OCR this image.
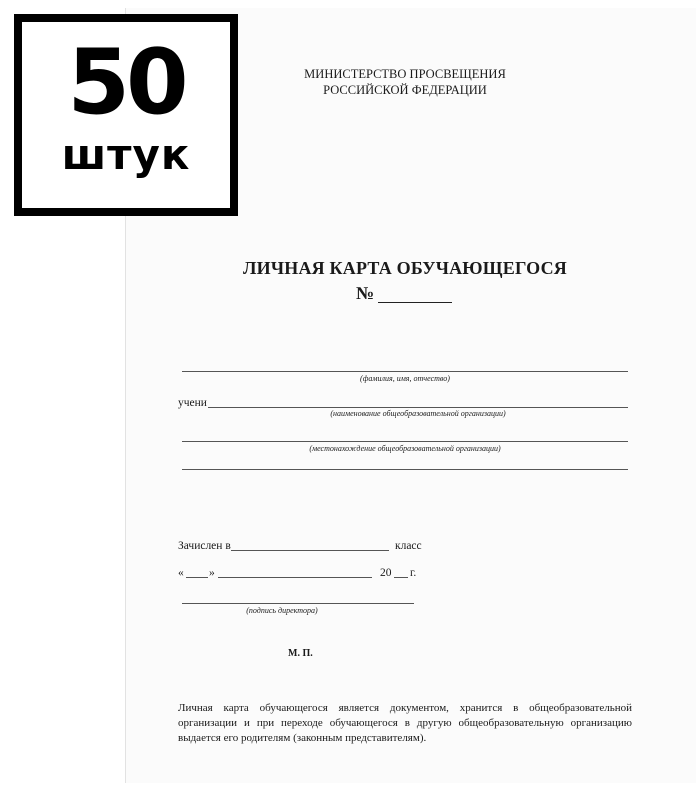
50
штук
МИНИСТЕРСТВО ПРОСВЕЩЕНИЯ
РОССИЙСКОЙ ФЕДЕРАЦИИ
ЛИЧНАЯ КАРТА ОБУЧАЮЩЕГОСЯ
№
(фамилия, имя, отчество)
учени
(наименование общеобразовательной организации)
(местонахождение общеобразовательной организации)
Зачислен в	класс
« »	20 г.
(подпись директора)
М. П.
Личная карта обучающегося является документом, хранится в общеобразовательной организации и при переходе обучающегося в другую общеобразовательную организацию выдается его родителям (законным представителям).
